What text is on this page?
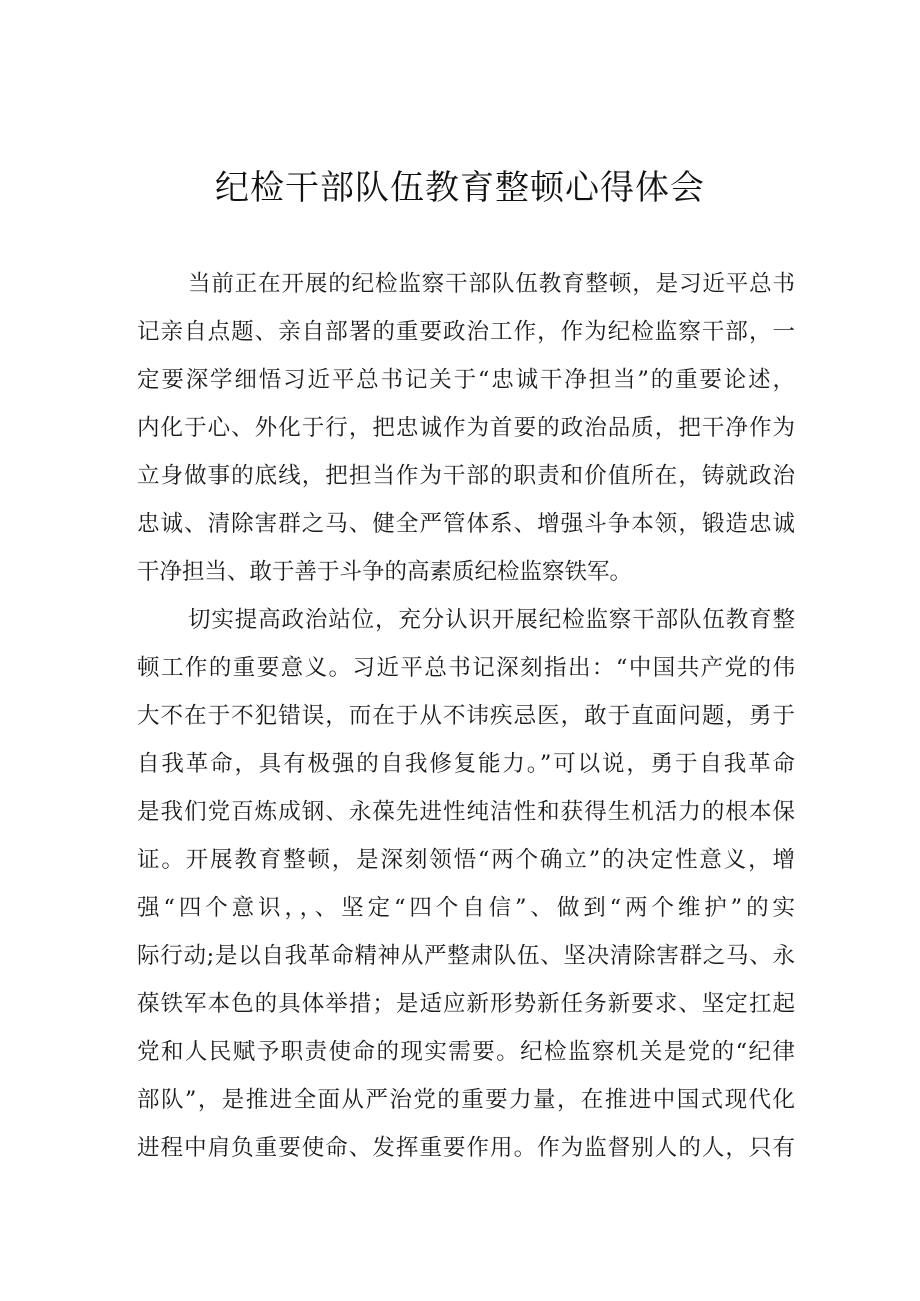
纪检干部队伍教育整顿心得体会

当前正在开展的纪检监察干部队伍教育整顿，是习近平总书

记亲自点题、亲自部署的重要政治工作，作为纪检监察干部，一

定要深学细悟习近平总书记关于“忠诚干净担当”的重要论述，

内化于心、外化于行，把忠诚作为首要的政治品质，把干净作为

立身做事的底线，把担当作为干部的职责和价值所在，铸就政治

忠诚、清除害群之马、健全严管体系、增强斗争本领，锻造忠诚

干净担当、敢于善于斗争的高素质纪检监察铁军。

切实提高政治站位，充分认识开展纪检监察干部队伍教育整

顿工作的重要意义。习近平总书记深刻指出：“中国共产党的伟

大不在于不犯错误，而在于从不讳疾忌医，敢于直面问题，勇于

自我革命，具有极强的自我修复能力。”可以说，勇于自我革命

是我们党百炼成钢、永葆先进性纯洁性和获得生机活力的根本保

证。开展教育整顿，是深刻领悟“两个确立”的决定性意义，增

强“四个意识，，、坚定“四个自信”、做到“两个维护”的实

际行动;是以自我革命精神从严整肃队伍、坚决清除害群之马、永

葆铁军本色的具体举措；是适应新形势新任务新要求、坚定扛起

党和人民赋予职责使命的现实需要。纪检监察机关是党的“纪律

部队”，是推进全面从严治党的重要力量，在推进中国式现代化

进程中肩负重要使命、发挥重要作用。作为监督别人的人，只有
